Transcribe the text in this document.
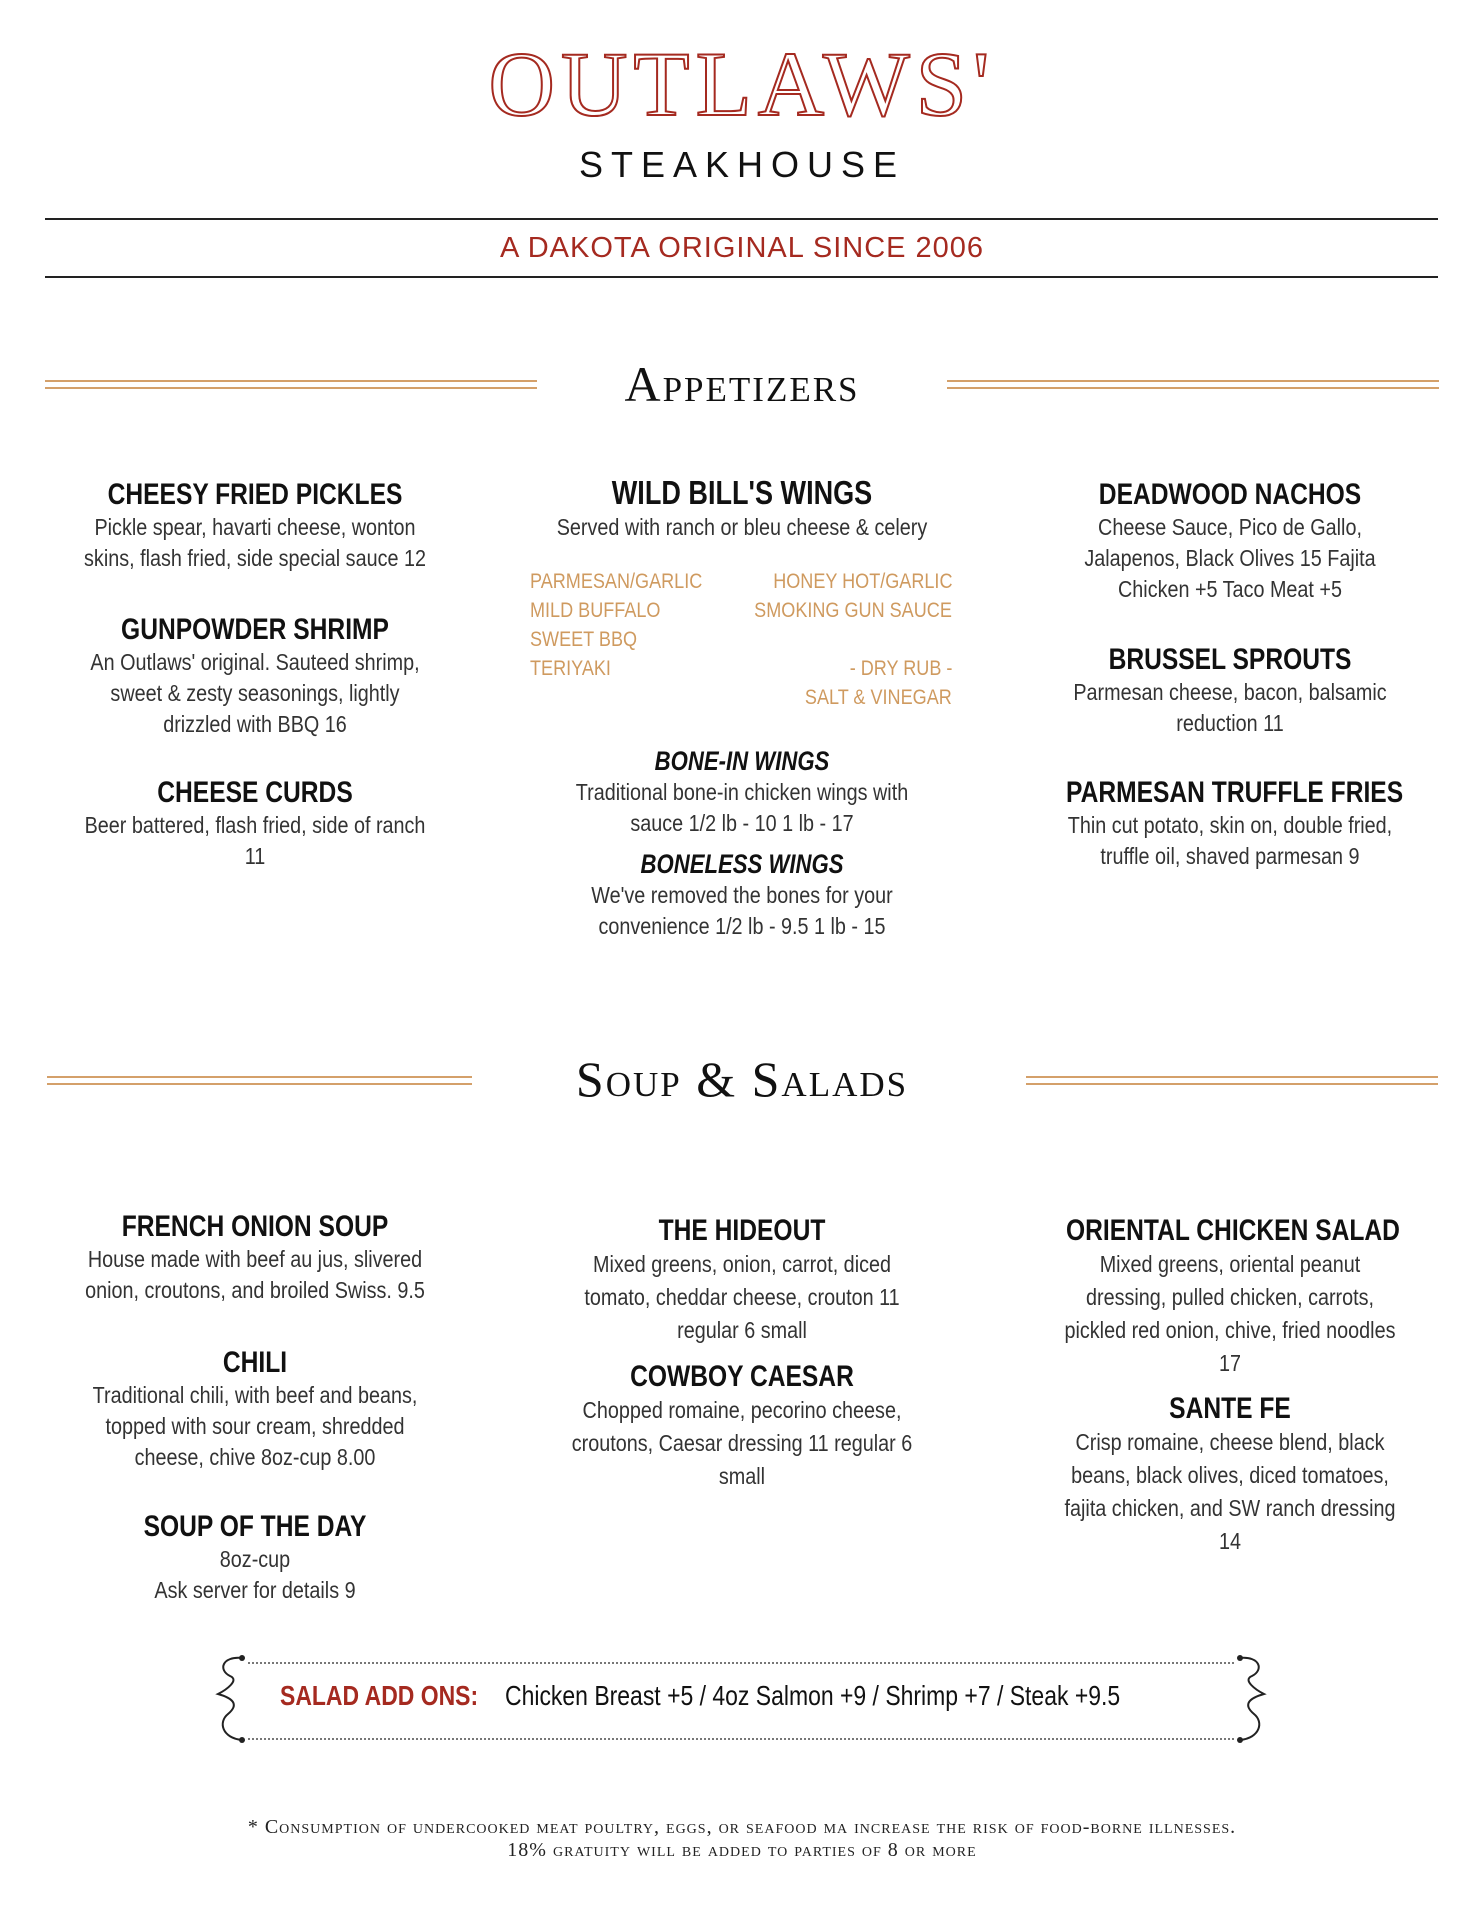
OUTLAWS'
STEAKHOUSE
A DAKOTA ORIGINAL SINCE 2006
Appetizers
CHEESY FRIED PICKLES
Pickle spear, havarti cheese, wonton skins, flash fried, side special sauce 12
GUNPOWDER SHRIMP
An Outlaws' original. Sauteed shrimp, sweet & zesty seasonings, lightly drizzled with BBQ 16
CHEESE CURDS
Beer battered, flash fried, side of ranch 11
WILD BILL'S WINGS
Served with ranch or bleu cheese & celery
PARMESAN/GARLIC
MILD BUFFALO
SWEET BBQ
TERIYAKI
HONEY HOT/GARLIC
SMOKING GUN SAUCE
- DRY RUB -
SALT & VINEGAR
BONE-IN WINGS
Traditional bone-in chicken wings with sauce 1/2 lb - 10 1 lb - 17
BONELESS WINGS
We've removed the bones for your convenience 1/2 lb - 9.5 1 lb - 15
DEADWOOD NACHOS
Cheese Sauce, Pico de Gallo, Jalapenos, Black Olives 15 Fajita Chicken +5 Taco Meat +5
BRUSSEL SPROUTS
Parmesan cheese, bacon, balsamic reduction 11
PARMESAN TRUFFLE FRIES
Thin cut potato, skin on, double fried, truffle oil, shaved parmesan 9
Soup & Salads
FRENCH ONION SOUP
House made with beef au jus, slivered onion, croutons, and broiled Swiss. 9.5
CHILI
Traditional chili, with beef and beans, topped with sour cream, shredded cheese, chive 8oz-cup 8.00
SOUP OF THE DAY
8oz-cup
Ask server for details 9
THE HIDEOUT
Mixed greens, onion, carrot, diced tomato, cheddar cheese, crouton 11 regular 6 small
COWBOY CAESAR
Chopped romaine, pecorino cheese, croutons, Caesar dressing 11 regular 6 small
ORIENTAL CHICKEN SALAD
Mixed greens, oriental peanut dressing, pulled chicken, carrots, pickled red onion, chive, fried noodles 17
SANTE FE
Crisp romaine, cheese blend, black beans, black olives, diced tomatoes, fajita chicken, and SW ranch dressing 14
SALAD ADD ONS: Chicken Breast +5 / 4oz Salmon +9 / Shrimp +7 / Steak +9.5
* Consumption of undercooked meat poultry, eggs, or seafood ma increase the risk of food-borne illnesses.
18% gratuity will be added to parties of 8 or more
